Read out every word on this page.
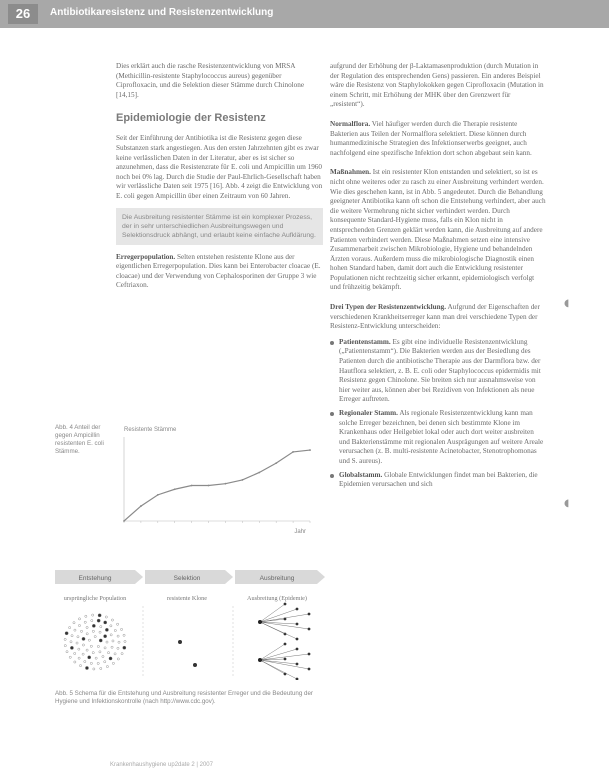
26	Antibiotikaresistenz und Resistenzentwicklung

Dies erklärt auch die rasche Resistenzentwicklung von MRSA (Methicillin-resistente Staphylococcus aureus) gegenüber Ciprofloxacin, und die Selektion dieser Stämme durch Chinolone [14,15].

Epidemiologie der Resistenz

Seit der Einführung der Antibiotika ist die Resistenz gegen diese Substanzen stark angestiegen. Aus den ersten Jahrzehnten gibt es zwar keine verlässlichen Daten in der Literatur, aber es ist sicher so anzunehmen, dass die Resistenzrate für E. coli und Ampicillin um 1960 noch bei 0% lag. Durch die Studie der Paul-Ehrlich-Gesellschaft haben wir verlässliche Daten seit 1975 [16]. Abb. 4 zeigt die Entwicklung von E. coli gegen Ampicillin über einen Zeitraum von 60 Jahren.

Die Ausbreitung resistenter Stämme ist ein komplexer Prozess, der in sehr unterschiedlichen Ausbreitungswegen und Selektionsdruck abhängt, und erlaubt keine einfache Aufklärung.

Erregerpopulation. Selten entstehen resistente Klone aus der eigentlichen Erregerpopulation. Dies kann bei Enterobacter cloacae (E. cloacae) und der Verwendung von Cephalosporinen der Gruppe 3 wie Ceftriaxon.

Abb. 4 Anteil der gegen Ampicillin resistenten E. coli Stämme.
Resistente Stämme
Jahr
Entstehung	Selektion	Ausbreitung
ursprüngliche Population	resistente Klone	Ausbreitung (Epidemie)
Abb. 5 Schema für die Entstehung und Ausbreitung resistenter Erreger und die Bedeutung der Hygiene und Infektionskontrolle (nach http://www.cdc.gov).

aufgrund der Erhöhung der β-Laktamasenproduktion (durch Mutation in der Regulation des entsprechenden Gens) passieren. Ein anderes Beispiel wäre die Resistenz von Staphylokokken gegen Ciprofloxacin (Mutation in einem Schritt, mit Erhöhung der MHK über den Grenzwert für „resistent“).

Normalflora. Viel häufiger werden durch die Therapie resistente Bakterien aus Teilen der Normalflora selektiert. Diese können durch humanmedizinische Strategien des Infektionserwerbs geeignet, auch nachfolgend eine spezifische Infektion dort schon abgebaut sein kann.

Maßnahmen. Ist ein resistenter Klon entstanden und selektiert, so ist es nicht ohne weiteres oder zu rasch zu einer Ausbreitung verhindert werden. Wie dies geschehen kann, ist in Abb. 5 angedeutet. Durch die Behandlung geeigneter Antibiotika kann oft schon die Entstehung verhindert, aber auch die weitere Vermehrung nicht sicher verhindert werden. Durch konsequente Standard-Hygiene muss, falls ein Klon nicht in entsprechenden Grenzen geklärt werden kann, die Ausbreitung auf andere Patienten verhindert werden. Diese Maßnahmen setzen eine intensive Zusammenarbeit zwischen Mikrobiologie, Hygiene und behandelnden Ärzten voraus. Außerdem muss die mikrobiologische Diagnostik einen hohen Standard haben, damit dort auch die Entwicklung resistenter Populationen nicht rechtzeitig sicher erkannt, epidemiologisch verfolgt und frühzeitig bekämpft.

Drei Typen der Resistenzentwicklung. Aufgrund der Eigenschaften der verschiedenen Krankheitserreger kann man drei verschiedene Typen der Resistenz-Entwicklung unterscheiden:

Patientenstamm. Es gibt eine individuelle Resistenzentwicklung („Patientenstamm“). Die Bakterien werden aus der Besiedlung des Patienten durch die antibiotische Therapie aus der Darmflora bzw. der Hautflora selektiert, z. B. E. coli oder Staphylococcus epidermidis mit Resistenz gegen Chinolone. Sie breiten sich nur ausnahmsweise von hier weiter aus, können aber bei Rezidiven von Infektionen als neue Erreger auftreten.
Regionaler Stamm. Als regionale Resistenzentwicklung kann man solche Erreger bezeichnen, bei denen sich bestimmte Klone im Krankenhaus oder Heilgebiet lokal oder auch dort weiter ausbreiten und Bakterienstämme mit regionalen Ausprägungen auf weitere Areale verursachen (z. B. multi-resistente Acinetobacter, Stenotrophomonas und S. aureus).
Globalstamm. Globale Entwicklungen findet man bei Bakterien, die Epidemien verursachen und sich
◖
◖
Krankenhaushygiene up2date 2 | 2007
